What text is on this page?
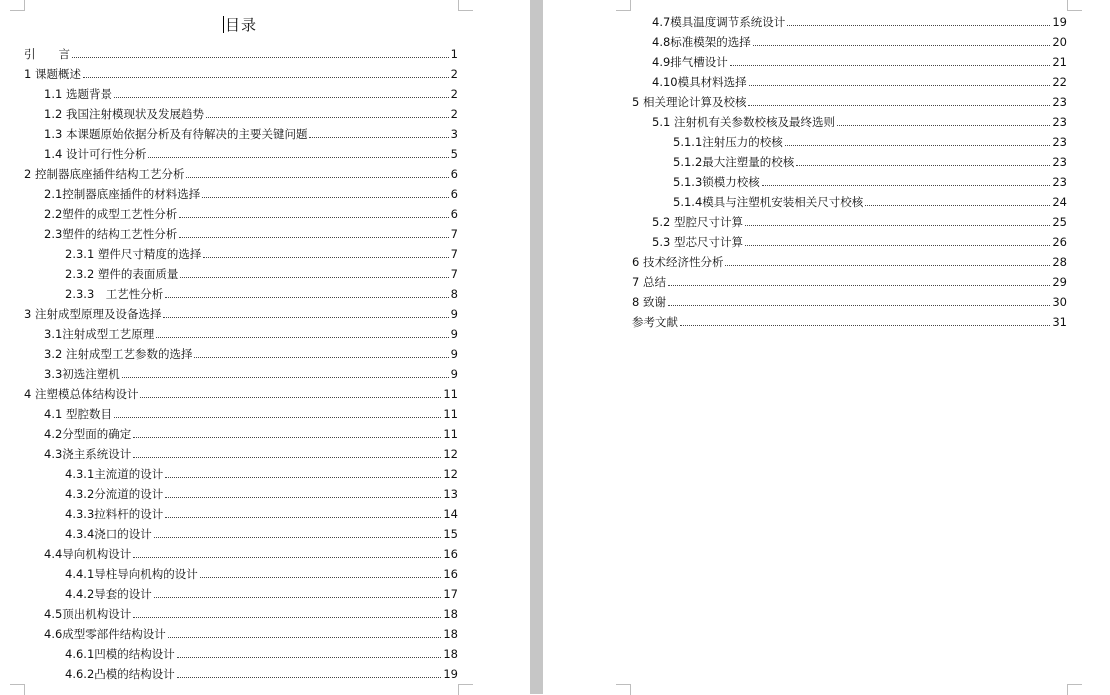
目录
引　　言	1
1 课题概述	2
1.1 选题背景	2
1.2 我国注射模现状及发展趋势	2
1.3 本课题原始依据分析及有待解决的主要关键问题	3
1.4 设计可行性分析	5
2 控制器底座插件结构工艺分析	6
2.1控制器底座插件的材料选择	6
2.2塑件的成型工艺性分析	6
2.3塑件的结构工艺性分析	7
2.3.1 塑件尺寸精度的选择	7
2.3.2 塑件的表面质量	7
2.3.3　工艺性分析	8
3 注射成型原理及设备选择	9
3.1注射成型工艺原理	9
3.2 注射成型工艺参数的选择	9
3.3初选注塑机	9
4 注塑模总体结构设计	11
4.1 型腔数目	11
4.2分型面的确定	11
4.3浇主系统设计	12
4.3.1主流道的设计	12
4.3.2分流道的设计	13
4.3.3拉料杆的设计	14
4.3.4浇口的设计	15
4.4导向机构设计	16
4.4.1导柱导向机构的设计	16
4.4.2导套的设计	17
4.5顶出机构设计	18
4.6成型零部件结构设计	18
4.6.1凹模的结构设计	18
4.6.2凸模的结构设计	19
4.7模具温度调节系统设计	19
4.8标准模架的选择	20
4.9排气槽设计	21
4.10模具材料选择	22
5 相关理论计算及校核	23
5.1 注射机有关参数校核及最终选则	23
5.1.1注射压力的校核	23
5.1.2最大注塑量的校核	23
5.1.3锁模力校核	23
5.1.4模具与注塑机安装相关尺寸校核	24
5.2 型腔尺寸计算	25
5.3 型芯尺寸计算	26
6 技术经济性分析	28
7 总结	29
8 致谢	30
参考文献	31
